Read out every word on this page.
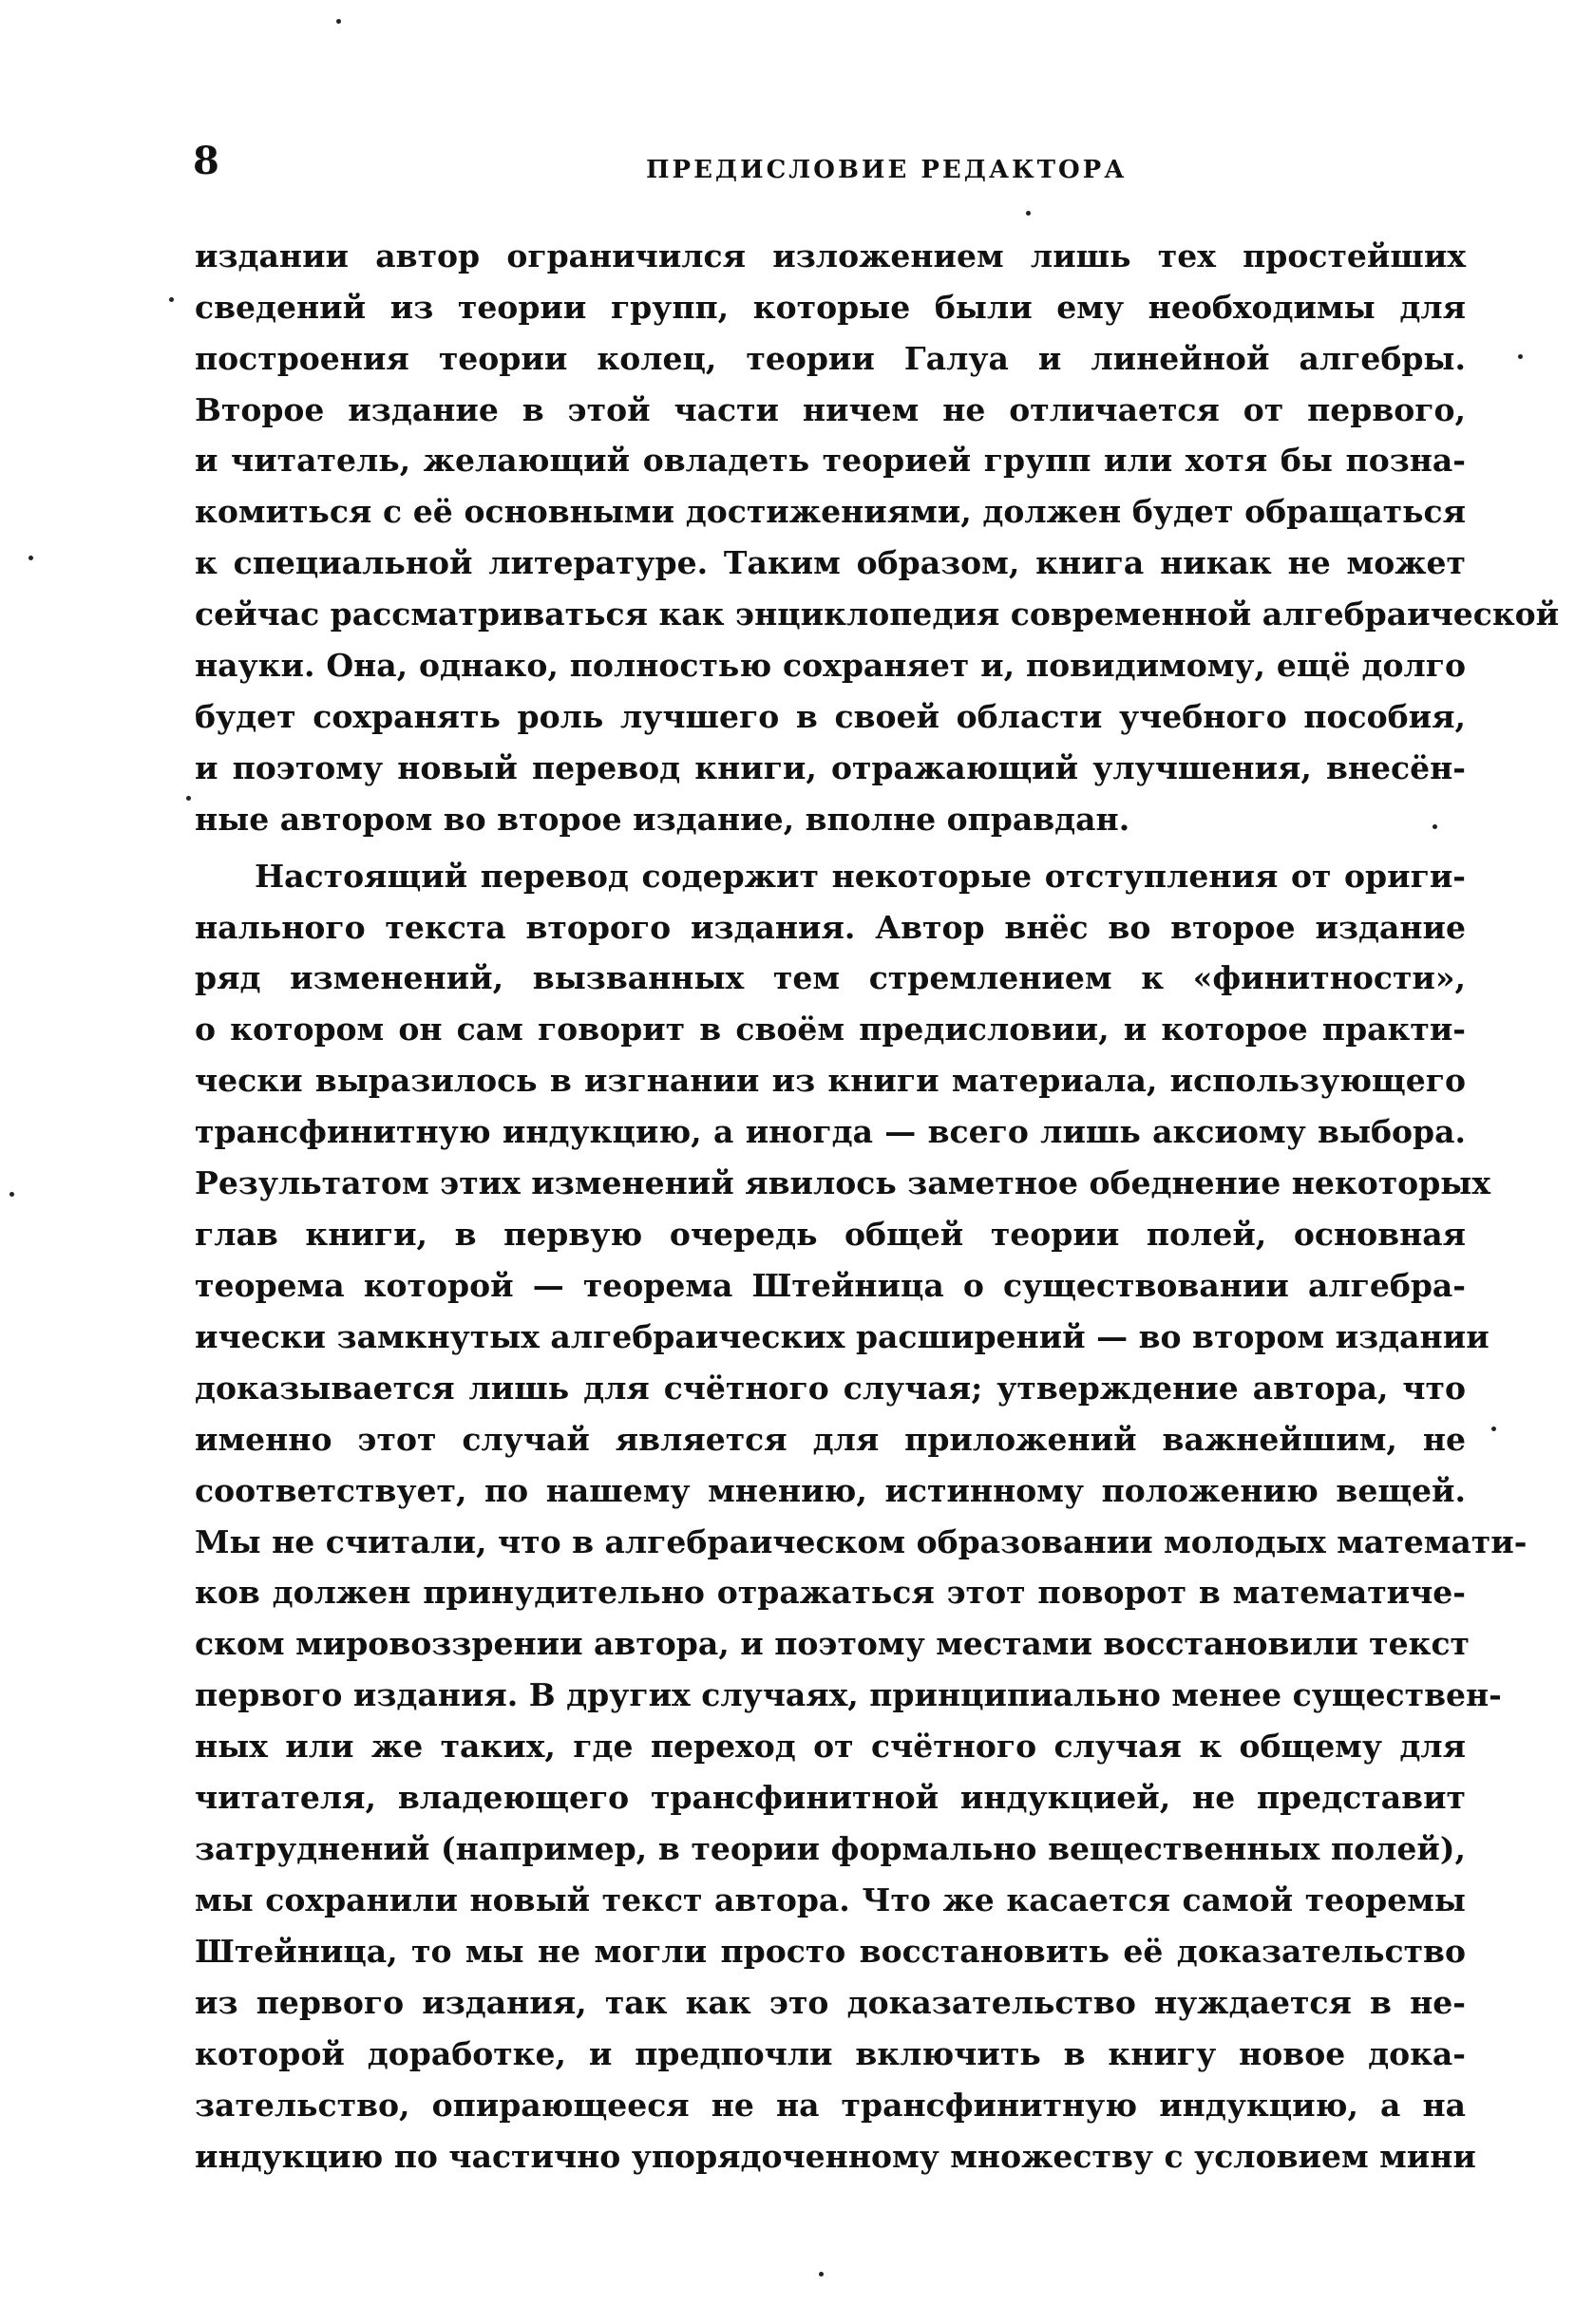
8	ПРЕДИСЛОВИЕ РЕДАКТОРА
издании автор ограничился изложением лишь тех простейших
сведений из теории групп, которые были ему необходимы для
построения теории колец, теории Галуа и линейной алгебры.
Второе издание в этой части ничем не отличается от первого,
и читатель, желающий овладеть теорией групп или хотя бы позна-
комиться с её основными достижениями, должен будет обращаться
к специальной литературе. Таким образом, книга никак не может
сейчас рассматриваться как энциклопедия современной алгебраической
науки. Она, однако, полностью сохраняет и, повидимому, ещё долго
будет сохранять роль лучшего в своей области учебного пособия,
и поэтому новый перевод книги, отражающий улучшения, внесён-
ные автором во второе издание, вполне оправдан.
Настоящий перевод содержит некоторые отступления от ориги-
нального текста второго издания. Автор внёс во второе издание
ряд изменений, вызванных тем стремлением к «финитности»,
о котором он сам говорит в своём предисловии, и которое практи-
чески выразилось в изгнании из книги материала, использующего
трансфинитную индукцию, а иногда — всего лишь аксиому выбора.
Результатом этих изменений явилось заметное обеднение некоторых
глав книги, в первую очередь общей теории полей, основная
теорема которой — теорема Штейница о существовании алгебра-
ически замкнутых алгебраических расширений — во втором издании
доказывается лишь для счётного случая; утверждение автора, что
именно этот случай является для приложений важнейшим, не
соответствует, по нашему мнению, истинному положению вещей.
Мы не считали, что в алгебраическом образовании молодых математи-
ков должен принудительно отражаться этот поворот в математиче-
ском мировоззрении автора, и поэтому местами восстановили текст
первого издания. В других случаях, принципиально менее существен-
ных или же таких, где переход от счётного случая к общему для
читателя, владеющего трансфинитной индукцией, не представит
затруднений (например, в теории формально вещественных полей),
мы сохранили новый текст автора. Что же касается самой теоремы
Штейница, то мы не могли просто восстановить её доказательство
из первого издания, так как это доказательство нуждается в не-
которой доработке, и предпочли включить в книгу новое дока-
зательство, опирающееся не на трансфинитную индукцию, а на
индукцию по частично упорядоченному множеству с условием мини
